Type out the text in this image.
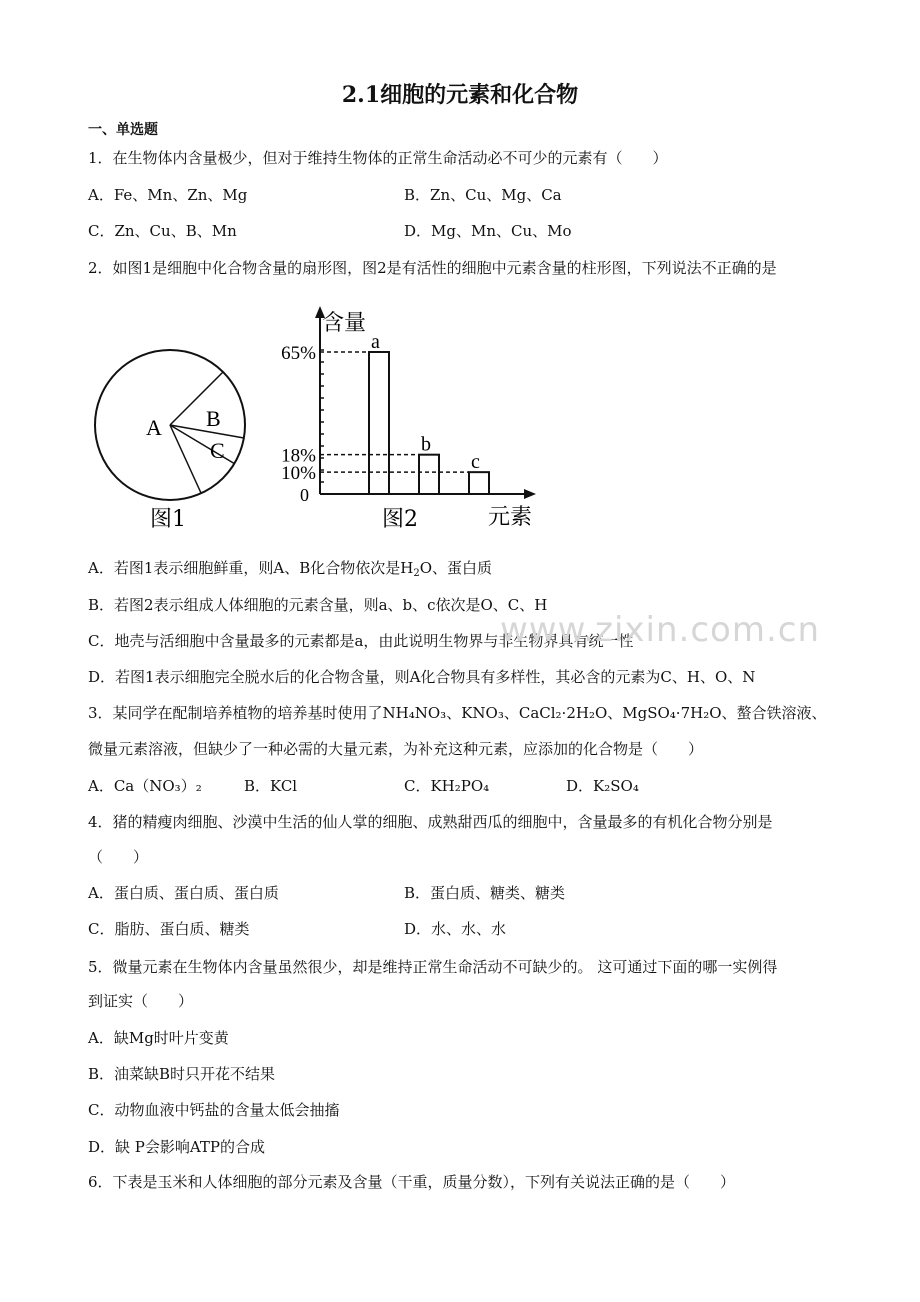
2.1细胞的元素和化合物
一、单选题
1．在生物体内含量极少，但对于维持生物体的正常生命活动必不可少的元素有（　　）
A．Fe、Mn、Zn、Mg	B．Zn、Cu、Mg、Ca
C．Zn、Cu、B、Mn	D．Mg、Mn、Cu、Mo
2．如图1是细胞中化合物含量的扇形图，图2是有活性的细胞中元素含量的柱形图，下列说法不正确的是
A B
C
图1
含量
元素
图2
0
65%
18%
10%
a
b
c
A．若图1表示细胞鲜重，则A、B化合物依次是$H_2O$、蛋白质
B．若图2表示组成人体细胞的元素含量，则a、b、c依次是O、C、H
C．地壳与活细胞中含量最多的元素都是a，由此说明生物界与非生物界具有统一性
D．若图1表示细胞完全脱水后的化合物含量，则A化合物具有多样性，其必含的元素为C、H、O、N
www.zixin.com.cn
3．某同学在配制培养植物的培养基时使用了NH₄NO₃、KNO₃、CaCl₂·2H₂O、MgSO₄·7H₂O、螯合铁溶液、
微量元素溶液，但缺少了一种必需的大量元素，为补充这种元素，应添加的化合物是（　　）
A．Ca（NO₃）₂	B．KCl	C．KH₂PO₄	D．K₂SO₄
4．猪的精瘦肉细胞、沙漠中生活的仙人掌的细胞、成熟甜西瓜的细胞中，含量最多的有机化合物分别是
（　　）
A．蛋白质、蛋白质、蛋白质	B．蛋白质、糖类、糖类
C．脂肪、蛋白质、糖类	D．水、水、水
5．微量元素在生物体内含量虽然很少，却是维持正常生命活动不可缺少的。 这可通过下面的哪一实例得
到证实（　　）
A．缺Mg时叶片变黄
B．油菜缺B时只开花不结果
C．动物血液中钙盐的含量太低会抽搐
D．缺 P会影响ATP的合成
6．下表是玉米和人体细胞的部分元素及含量（干重，质量分数），下列有关说法正确的是（　　）
